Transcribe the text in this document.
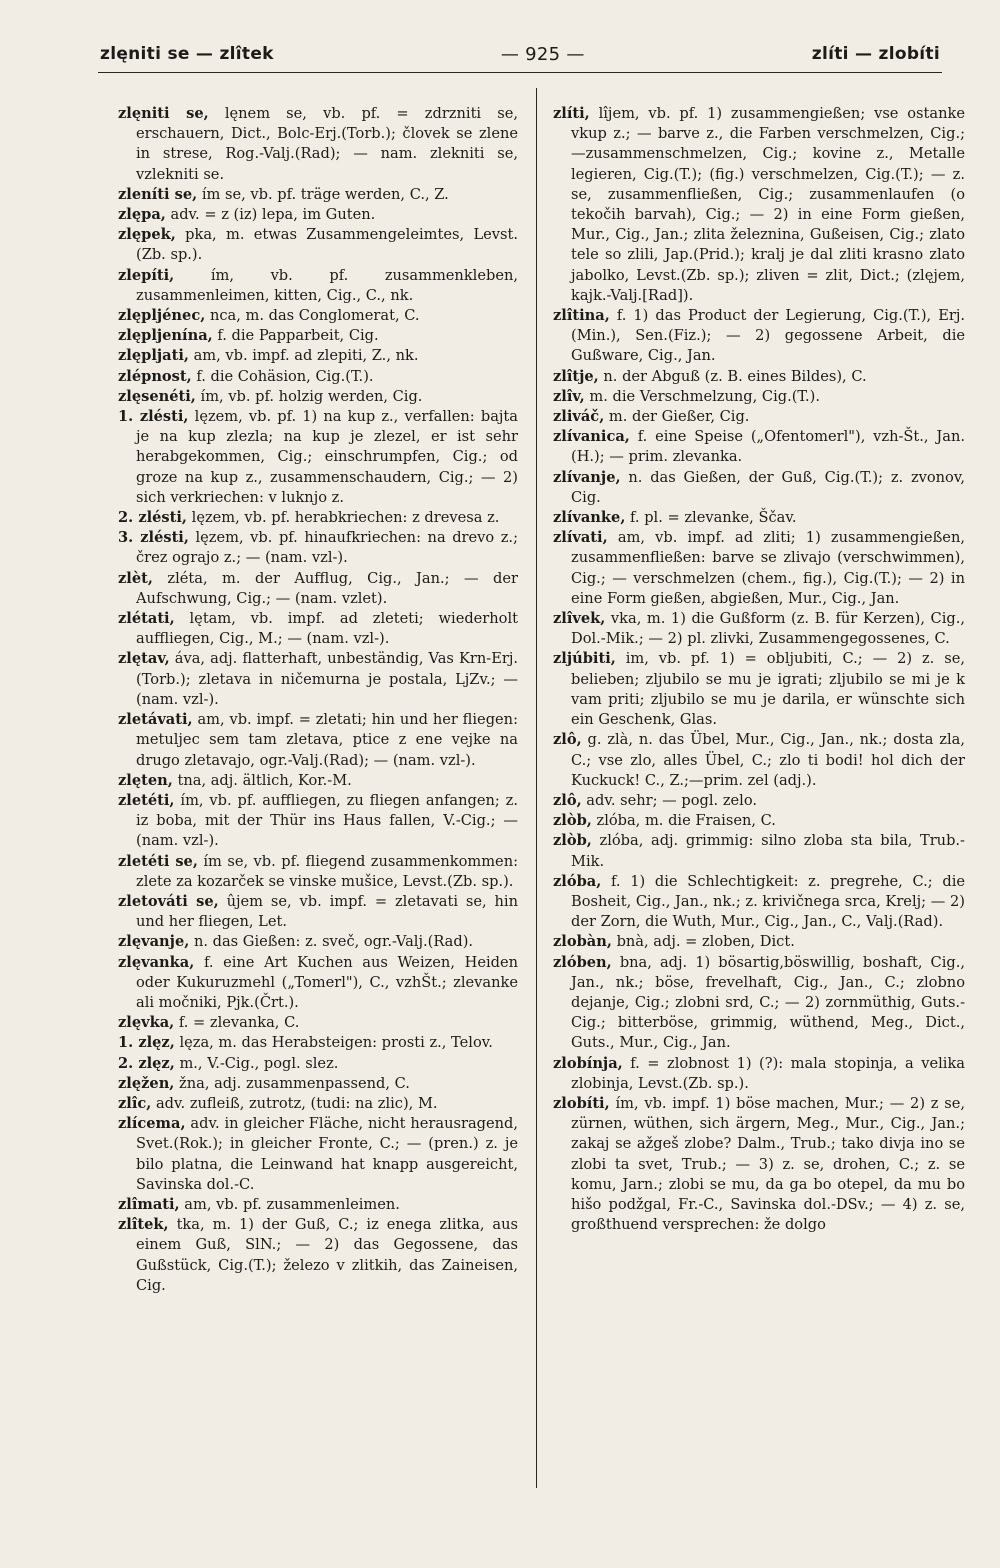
zlęniti se — zlîtek	— 925 —	zlíti — zlobíti

zlęniti se, lęnem se, vb. pf. = zdrzniti se, erschauern, Dict., Bolc-Erj.(Torb.); človek se zlene in strese, Rog.-Valj.(Rad); — nam. zlekniti se, vzlekniti se.

zleníti se, ím se, vb. pf. träge werden, C., Z.

zlępa, adv. = z (iz) lepa, im Guten.

zlępek, pka, m. etwas Zusammengeleimtes, Levst.(Zb. sp.).

zlepíti,	ím, vb. pf. zusammenkleben, zusammenleimen, kitten, Cig., C., nk.

zlępljénec, nca, m. das Conglomerat, C.

zlępljenína, f. die Papparbeit, Cig.

zlępljati, am, vb. impf. ad zlepiti, Z., nk.

zlépnost, f. die Cohäsion, Cig.(T.).

zlęsenéti, ím, vb. pf. holzig werden, Cig.

1. zlésti, lęzem, vb. pf. 1) na kup z., verfallen: bajta je na kup zlezla; na kup je zlezel, er ist sehr herabgekommen, Cig.; einschrumpfen, Cig.; od groze na kup z., zusammenschaudern, Cig.; — 2) sich verkriechen: v luknjo z.

2. zlésti, lęzem, vb. pf. herabkriechen: z drevesa z.

3. zlésti, lęzem, vb. pf. hinaufkriechen: na drevo z.; črez ograjo z.; — (nam. vzl-).

zlèt, zléta, m. der Aufflug, Cig., Jan.; — der Aufschwung, Cig.; — (nam. vzlet).

zlétati, lętam, vb. impf. ad zleteti; wiederholt auffliegen, Cig., M.; — (nam. vzl-).

zlętav, áva, adj. flatterhaft, unbeständig, Vas Krn-Erj.(Torb.); zletava in ničemurna je postala, LjZv.; — (nam. vzl-).

zletávati, am, vb. impf. = zletati; hin und her fliegen: metuljec sem tam zletava, ptice z ene vejke na drugo zletavajo, ogr.-Valj.(Rad); — (nam. vzl-).

zlęten, tna, adj. ältlich, Kor.-M.

zletéti, ím, vb. pf. auffliegen, zu fliegen anfangen; z. iz boba, mit der Thür ins Haus fallen, V.-Cig.; — (nam. vzl-).

zletéti se, ím se, vb. pf. fliegend zusammenkommen: zlete za kozarček se vinske mušice, Levst.(Zb. sp.).

zletováti se, ûjem se, vb. impf. = zletavati se, hin und her fliegen, Let.

zlęvanje, n. das Gießen: z. sveč, ogr.-Valj.(Rad).

zlęvanka, f. eine Art Kuchen aus Weizen, Heiden oder Kukuruzmehl („Tomerl"), C., vzhŠt.; zlevanke ali močniki, Pjk.(Črt.).

zlęvka, f. = zlevanka, C.

1. zlęz, lęza, m. das Herabsteigen: prosti z., Telov.

2. zlęz, m., V.-Cig., pogl. slez.

zlęžen, žna, adj. zusammenpassend, C.

zlîc, adv. zufleiß, zutrotz, (tudi: na zlic), M.

zlícema, adv. in gleicher Fläche, nicht herausragend, Svet.(Rok.); in gleicher Fronte, C.; — (pren.) z. je bilo platna, die Leinwand hat knapp ausgereicht, Savinska dol.-C.

zlîmati, am, vb. pf. zusammenleimen.

zlîtek, tka, m. 1) der Guß, C.; iz enega zlitka, aus einem Guß, SlN.; — 2) das Gegossene, das Gußstück, Cig.(T.); železo v zlitkih, das Zaineisen, Cig.

zlíti, lîjem, vb. pf. 1) zusammengießen; vse ostanke vkup z.; — barve z., die Farben verschmelzen, Cig.; —zusammenschmelzen, Cig.; kovine z., Metalle legieren, Cig.(T.); (fig.) verschmelzen, Cig.(T.); — z. se, zusammenfließen, Cig.; zusammenlaufen (o tekočih barvah), Cig.; — 2) in eine Form gießen, Mur., Cig., Jan.; zlita železnina, Gußeisen, Cig.; zlato tele so zlili, Jap.(Prid.); kralj je dal zliti krasno zlato jabolko, Levst.(Zb. sp.); zliven = zlit, Dict.; (zlęjem, kajk.-Valj.[Rad]).

zlîtina, f. 1) das Product der Legierung, Cig.(T.), Erj.(Min.), Sen.(Fiz.); — 2) gegossene Arbeit, die Gußware, Cig., Jan.

zlîtje, n. der Abguß (z. B. eines Bildes), C.

zlîv, m. die Verschmelzung, Cig.(T.).

zliváč, m. der Gießer, Cig.

zlívanica, f. eine Speise („Ofentomerl"), vzh-Št., Jan.(H.); — prim. zlevanka.

zlívanje, n. das Gießen, der Guß, Cig.(T.); z. zvonov, Cig.

zlívanke, f. pl. = zlevanke, Ščav.

zlívati, am, vb. impf. ad zliti; 1) zusammengießen, zusammenfließen: barve se zlivajo (verschwimmen), Cig.; — verschmelzen (chem., fig.), Cig.(T.); — 2) in eine Form gießen, abgießen, Mur., Cig., Jan.

zlîvek, vka, m. 1) die Gußform (z. B. für Kerzen), Cig., Dol.-Mik.; — 2) pl. zlivki, Zusammengegossenes, C.

zljúbiti, im, vb. pf. 1) = obljubiti, C.; — 2) z. se, belieben; zljubilo se mu je igrati; zljubilo se mi je k vam priti; zljubilo se mu je darila, er wünschte sich ein Geschenk, Glas.

zlô, g. zlà, n. das Übel, Mur., Cig., Jan., nk.; dosta zla, C.; vse zlo, alles Übel, C.; zlo ti bodi! hol dich der Kuckuck! C., Z.;—prim. zel (adj.).

zlô, adv. sehr; — pogl. zelo.

zlòb, zlóba, m. die Fraisen, C.

zlòb, zlóba, adj. grimmig: silno zloba sta bila, Trub.-Mik.

zlóba, f. 1) die Schlechtigkeit: z. pregrehe, C.; die Bosheit, Cig., Jan., nk.; z. krivičnega srca, Krelj; — 2) der Zorn, die Wuth, Mur., Cig., Jan., C., Valj.(Rad).

zlobàn, bnà, adj. = zloben, Dict.

zlóben, bna, adj. 1) bösartig,böswillig, boshaft, Cig., Jan., nk.; böse, frevelhaft, Cig., Jan., C.; zlobno dejanje, Cig.; zlobni srd, C.; — 2) zornmüthig, Guts.-Cig.; bitterböse, grimmig, wüthend, Meg., Dict., Guts., Mur., Cig., Jan.

zlobínja, f. = zlobnost 1) (?): mala stopinja, a velika zlobinja, Levst.(Zb. sp.).

zlobíti, ím, vb. impf. 1) böse machen, Mur.; — 2) z se, zürnen, wüthen, sich ärgern, Meg., Mur., Cig., Jan.; zakaj se ažgeš zlobe? Dalm., Trub.; tako divja ino se zlobi ta svet, Trub.; — 3) z. se, drohen, C.; z. se komu, Jarn.; zlobi se mu, da ga bo otepel, da mu bo hišo podžgal, Fr.-C., Savinska dol.-DSv.; — 4) z. se, großthuend versprechen: že dolgo
